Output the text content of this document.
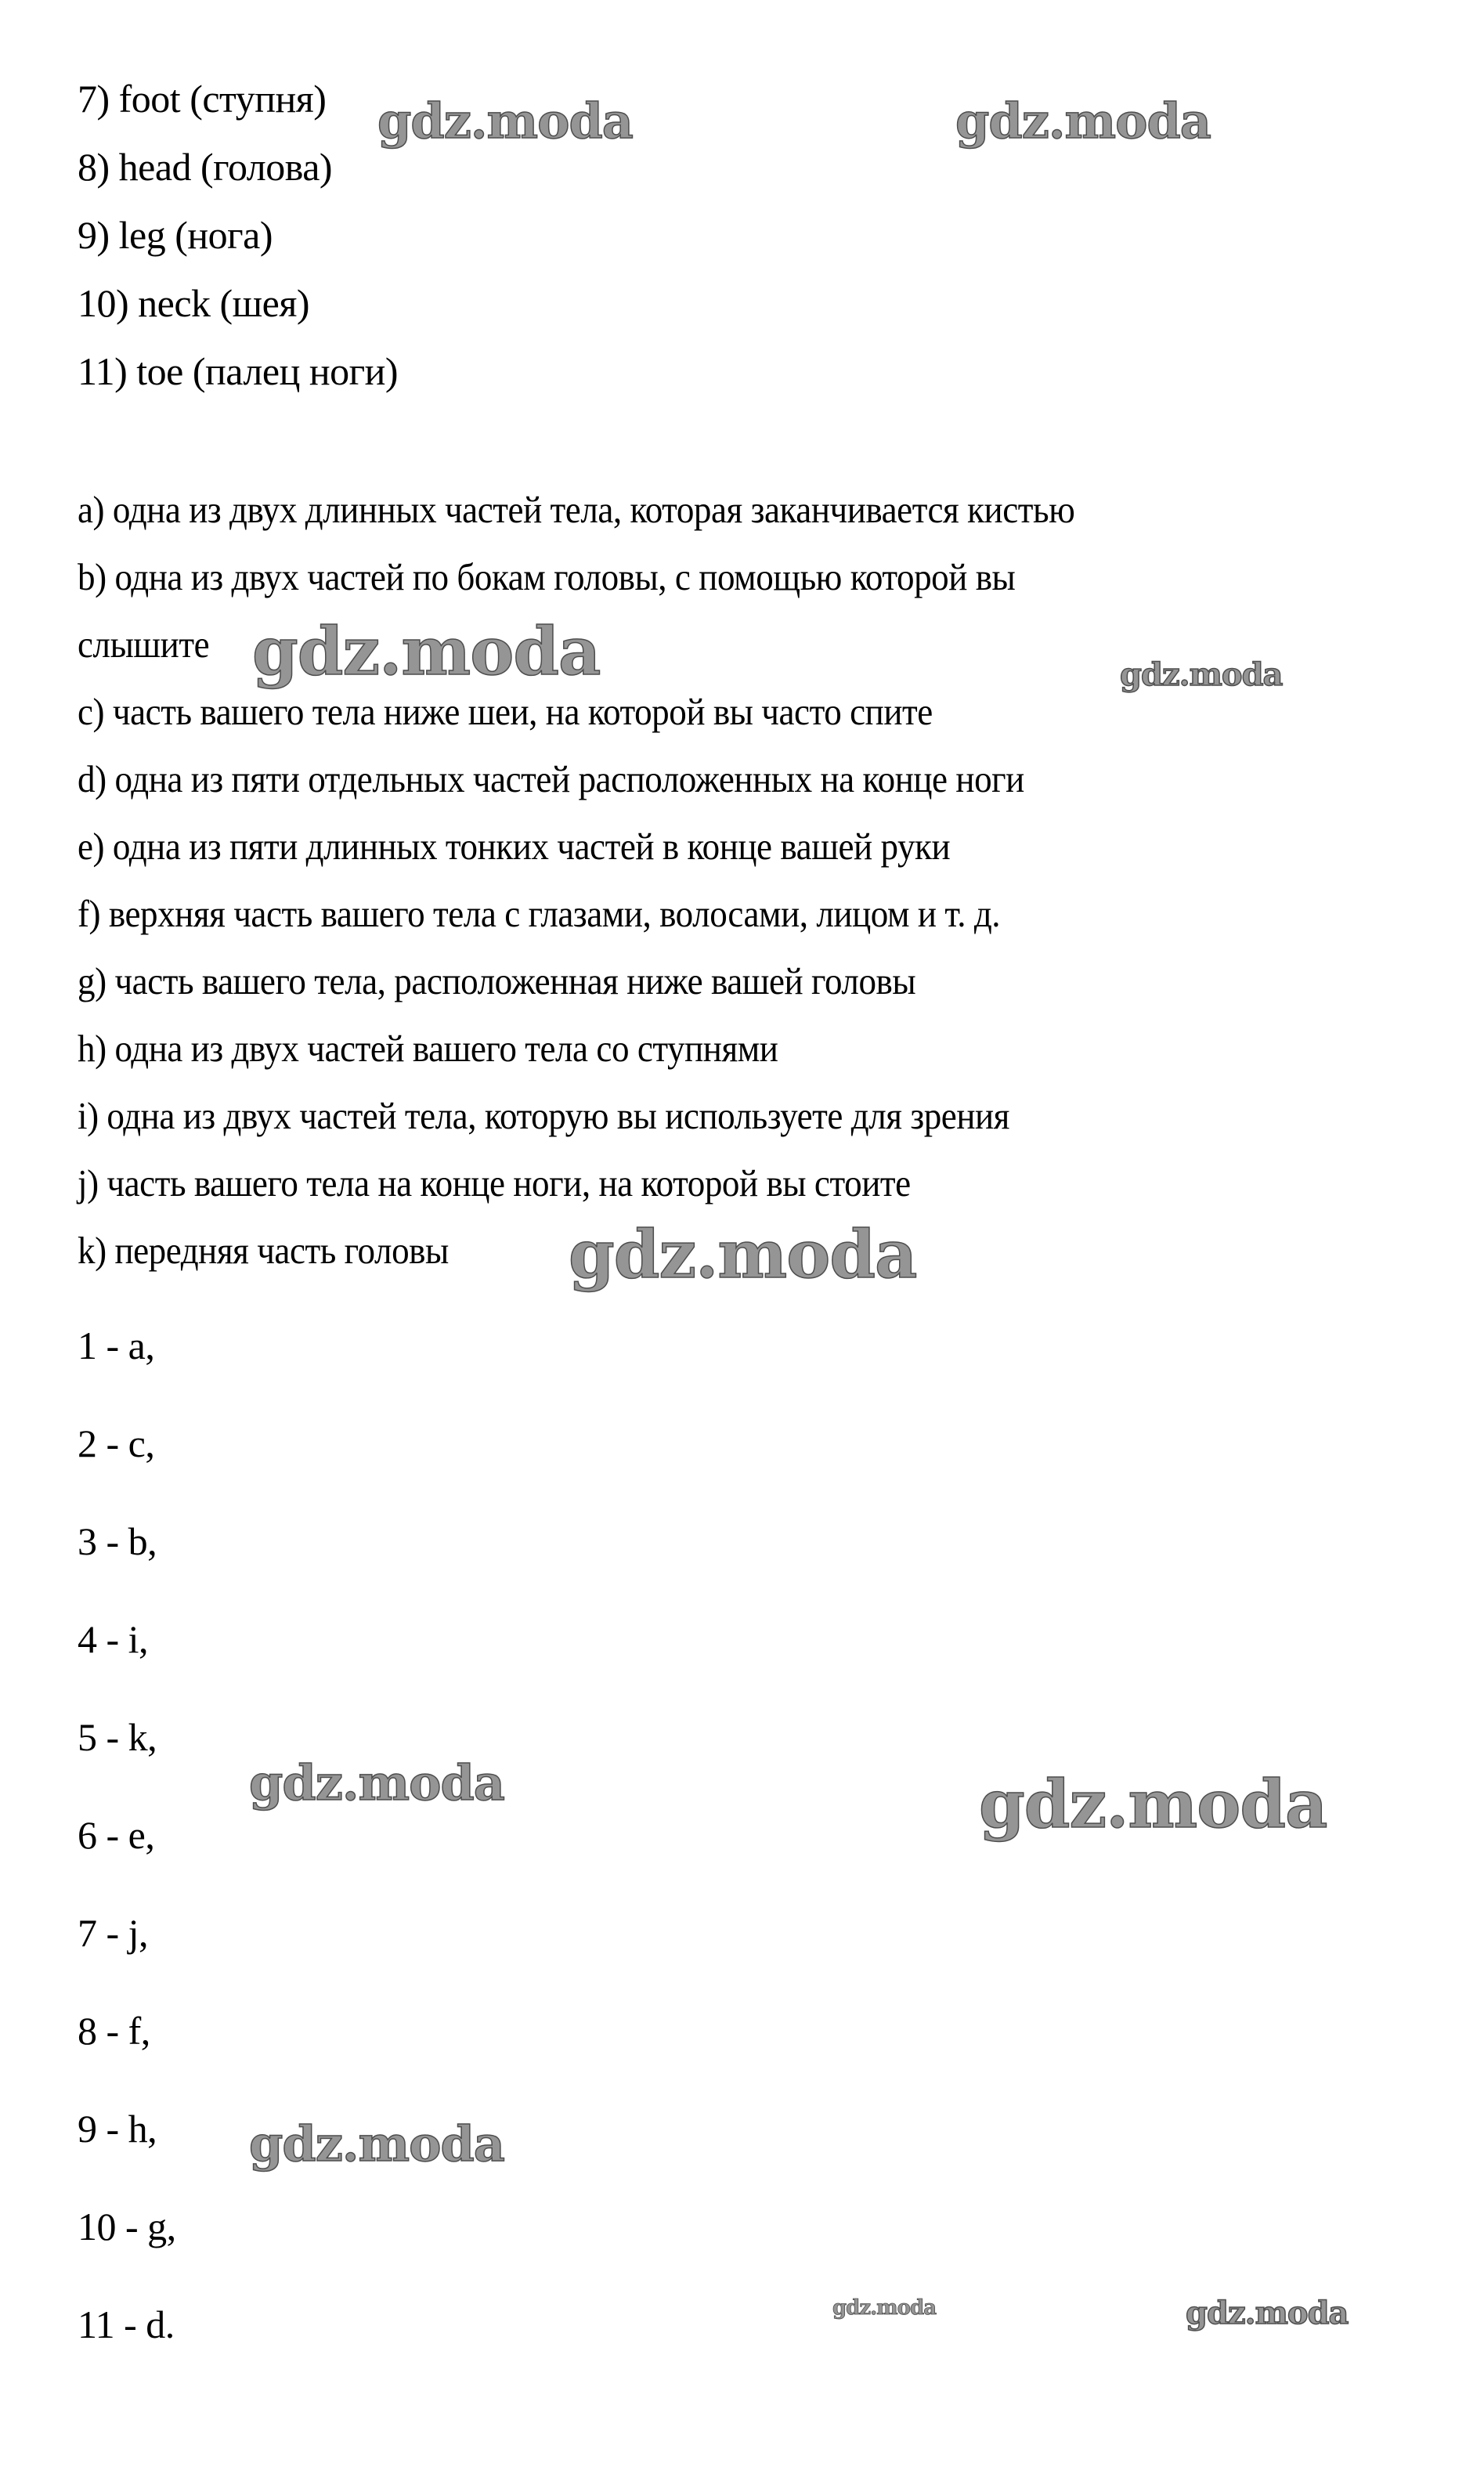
7) foot (ступня)
8) head (голова)
9) leg (нога)
10) neck (шея)
11) toe (палец ноги)
a) одна из двух длинных частей тела, которая заканчивается кистью
b) одна из двух частей по бокам головы, с помощью которой вы
слышите
c) часть вашего тела ниже шеи, на которой вы часто спите
d) одна из пяти отдельных частей расположенных на конце ноги
e) одна из пяти длинных тонких частей в конце вашей руки
f) верхняя часть вашего тела с глазами, волосами, лицом и т. д.
g) часть вашего тела, расположенная ниже вашей головы
h) одна из двух частей вашего тела со ступнями
i) одна из двух частей тела, которую вы используете для зрения
j) часть вашего тела на конце ноги, на которой вы стоите
k) передняя часть головы
1 - a,
2 - c,
3 - b,
4 - i,
5 - k,
6 - e,
7 - j,
8 - f,
9 - h,
10 - g,
11 - d.
gdz.moda	gdz.moda
gdz.moda	gdz.moda
gdz.moda
gdz.moda	gdz.moda
gdz.moda
gdz.moda	gdz.moda
